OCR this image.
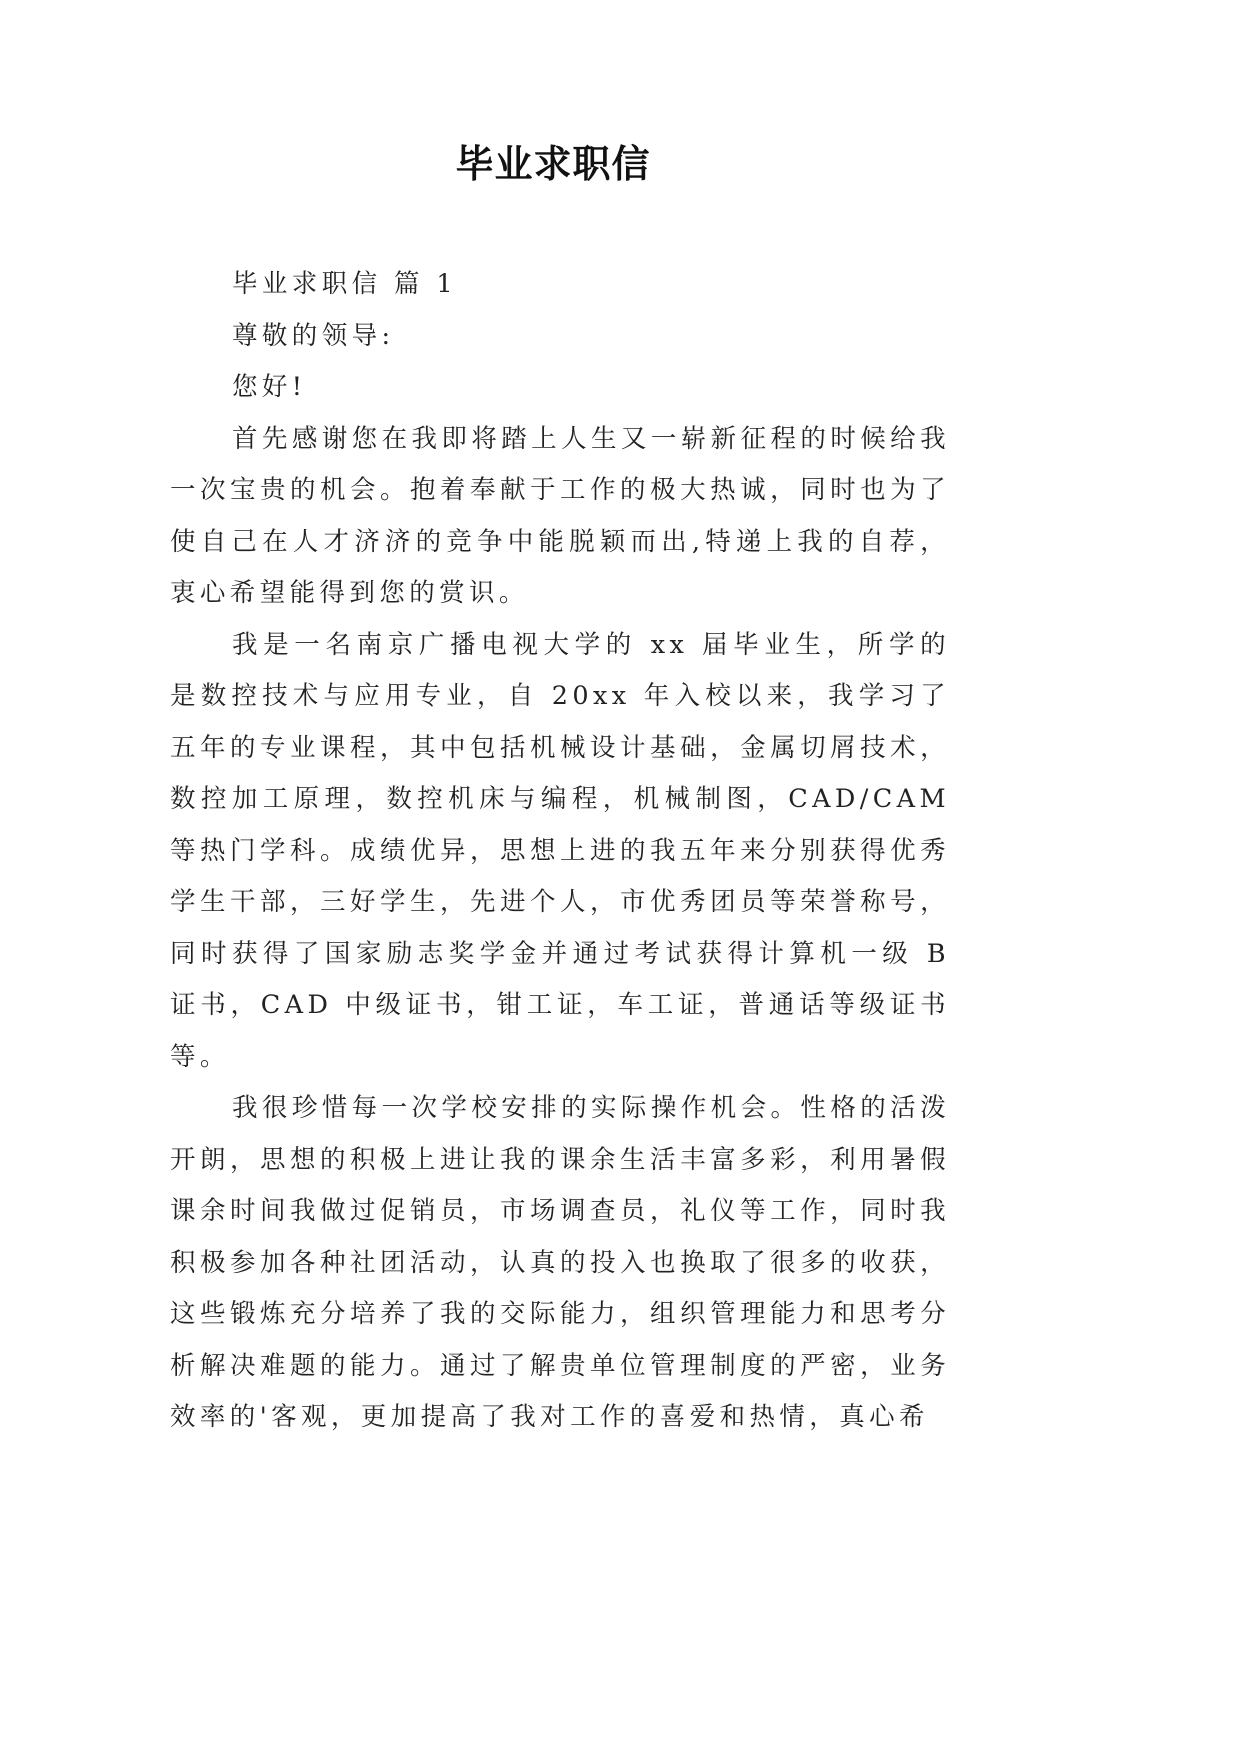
毕业求职信

毕业求职信 篇 1

尊敬的领导:

您好!

首先感谢您在我即将踏上人生又一崭新征程的时候给我一次宝贵的机会。抱着奉献于工作的极大热诚，同时也为了使自己在人才济济的竞争中能脱颖而出,特递上我的自荐，衷心希望能得到您的赏识。

我是一名南京广播电视大学的 xx 届毕业生，所学的是数控技术与应用专业，自 20xx 年入校以来，我学习了五年的专业课程，其中包括机械设计基础，金属切屑技术，数控加工原理，数控机床与编程，机械制图，CAD/CAM 等热门学科。成绩优异，思想上进的我五年来分别获得优秀学生干部，三好学生，先进个人，市优秀团员等荣誉称号，同时获得了国家励志奖学金并通过考试获得计算机一级 B 证书，CAD 中级证书，钳工证，车工证，普通话等级证书等。

我很珍惜每一次学校安排的实际操作机会。性格的活泼开朗，思想的积极上进让我的课余生活丰富多彩，利用暑假课余时间我做过促销员，市场调查员，礼仪等工作，同时我积极参加各种社团活动，认真的投入也换取了很多的收获，这些锻炼充分培养了我的交际能力，组织管理能力和思考分析解决难题的能力。通过了解贵单位管理制度的严密，业务效率的'客观，更加提高了我对工作的喜爱和热情，真心希
